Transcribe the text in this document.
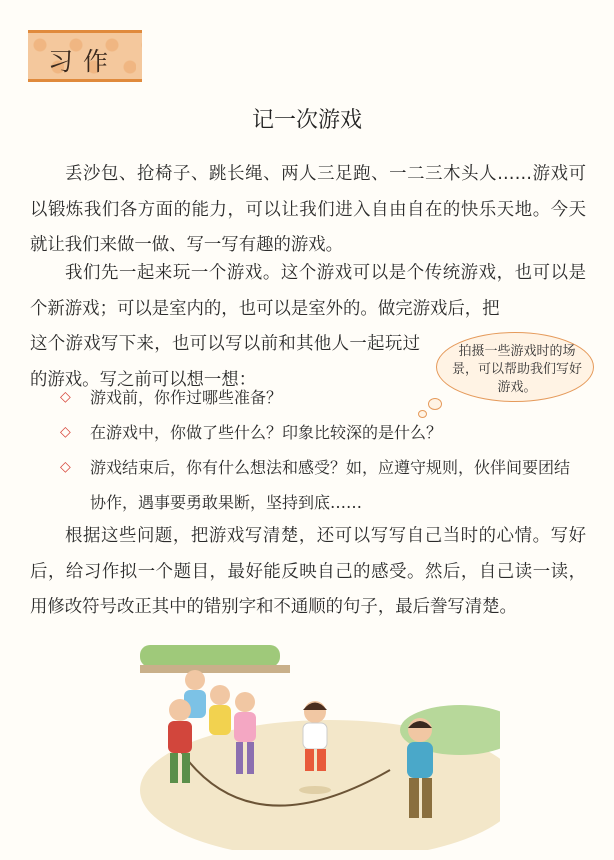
习作
记一次游戏

丢沙包、抢椅子、跳长绳、两人三足跑、一二三木头人……游戏可以锻炼我们各方面的能力，可以让我们进入自由自在的快乐天地。今天就让我们来做一做、写一写有趣的游戏。

我们先一起来玩一个游戏。这个游戏可以是个传统游戏，也可以是个新游戏；可以是室内的，也可以是室外的。做完游戏后，把

这个游戏写下来，也可以写以前和其他人一起玩过的游戏。写之前可以想一想：

拍摄一些游戏时的场景，可以帮助我们写好游戏。
◇	游戏前，你作过哪些准备？
◇	在游戏中，你做了些什么？印象比较深的是什么？
◇	游戏结束后，你有什么想法和感受？如，应遵守规则，伙伴间要团结协作，遇事要勇敢果断，坚持到底……

根据这些问题，把游戏写清楚，还可以写写自己当时的心情。写好后，给习作拟一个题目，最好能反映自己的感受。然后，自己读一读，用修改符号改正其中的错别字和不通顺的句子，最后誊写清楚。
